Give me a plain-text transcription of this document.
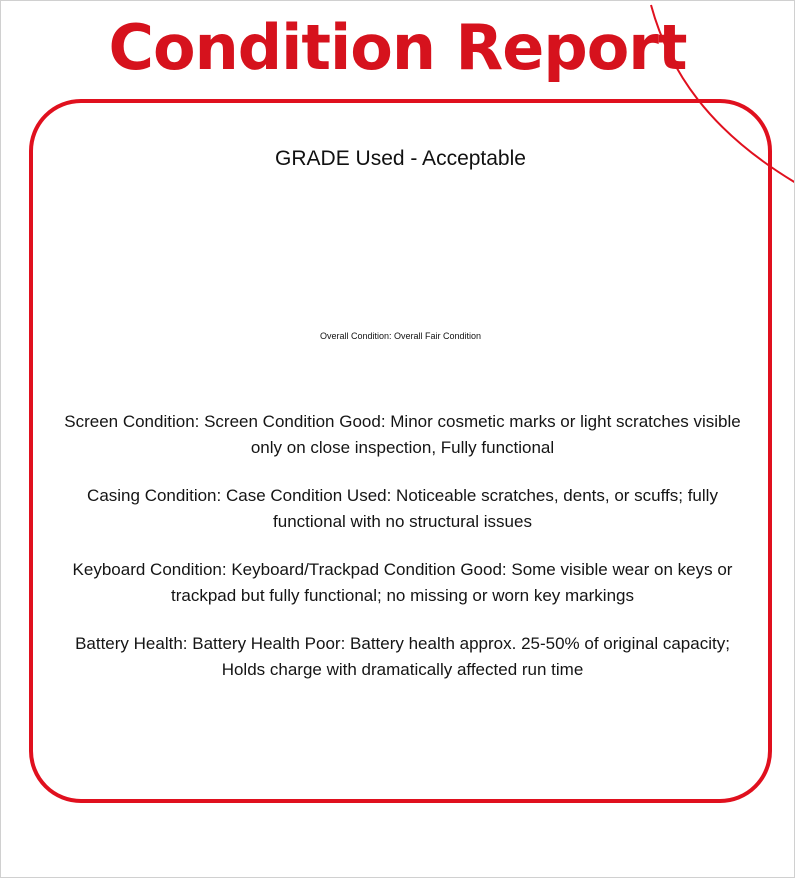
Condition Report
GRADE Used - Acceptable
Overall Condition: Overall Fair Condition

Screen Condition: Screen Condition Good: Minor cosmetic marks or light scratches visible only on close inspection, Fully functional

Casing Condition: Case Condition Used: Noticeable scratches, dents, or scuffs; fully functional with no structural issues

Keyboard Condition: Keyboard/Trackpad Condition Good: Some visible wear on keys or trackpad but fully functional; no missing or worn key markings

Battery Health: Battery Health Poor: Battery health approx. 25-50% of original capacity; Holds charge with dramatically affected run time
